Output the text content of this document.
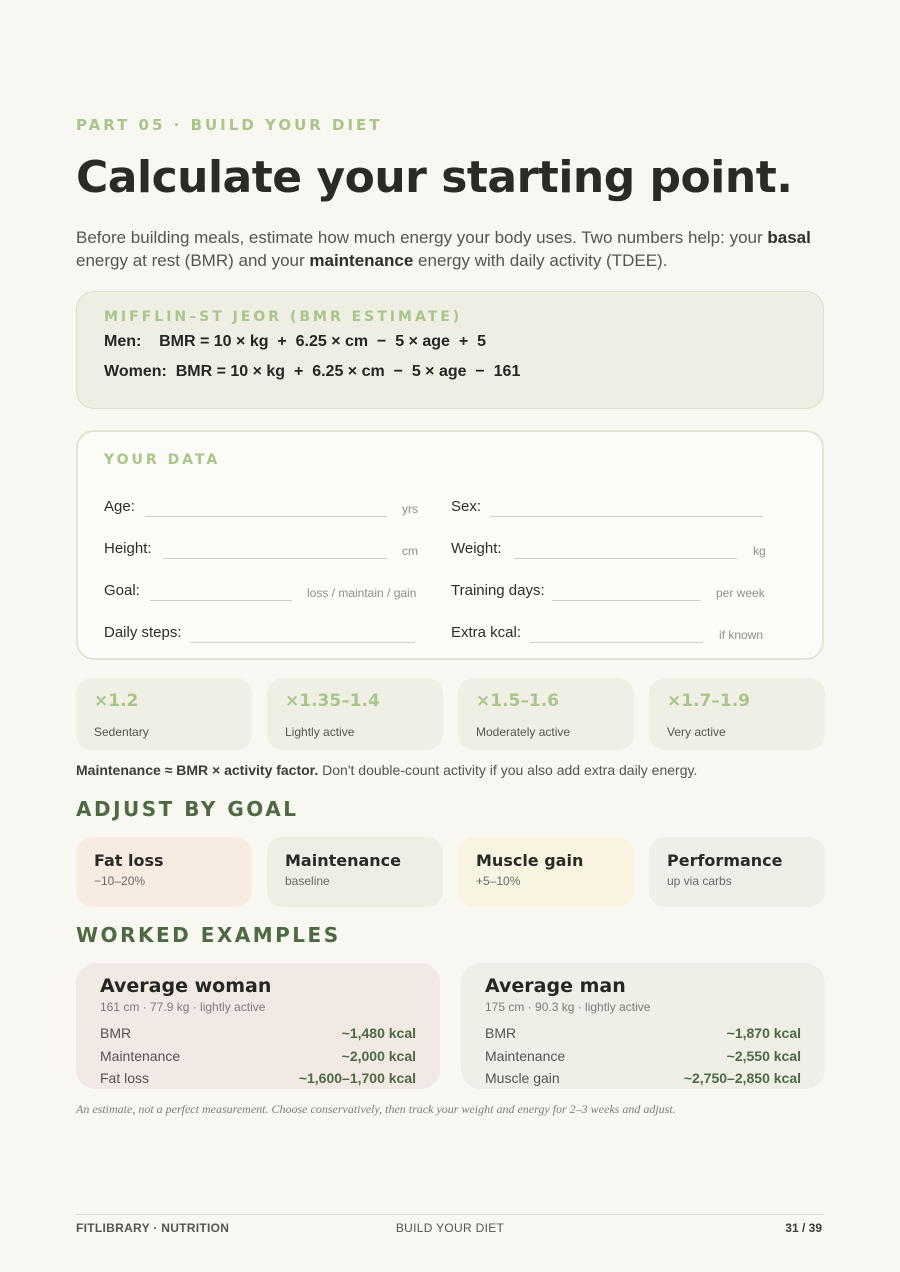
PART 05 · BUILD YOUR DIET
Calculate your starting point.

Before building meals, estimate how much energy your body uses. Two numbers help: your basal energy at rest (BMR) and your maintenance energy with daily activity (TDEE).

MIFFLIN–ST JEOR (BMR ESTIMATE)
Men:    BMR = 10 × kg  +  6.25 × cm  −  5 × age  +  5
Women:  BMR = 10 × kg  +  6.25 × cm  −  5 × age  −  161
YOUR DATA
Age:	yrs Sex:
Height:	cm Weight:	kg
Goal:	loss / maintain / gain Training days:	per week
Daily steps:	Extra kcal:	if known
×1.2
Sedentary
×1.35–1.4
Lightly active
×1.5–1.6
Moderately active
×1.7–1.9
Very active

Maintenance ≈ BMR × activity factor. Don't double-count activity if you also add extra daily energy.

ADJUST BY GOAL
Fat loss
−10–20%
Maintenance
baseline
Muscle gain
+5–10%
Performance
up via carbs
WORKED EXAMPLES
Average woman
161 cm · 77.9 kg · lightly active
BMR	~1,480 kcal
Maintenance	~2,000 kcal
Fat loss	~1,600–1,700 kcal
Average man
175 cm · 90.3 kg · lightly active
BMR	~1,870 kcal
Maintenance	~2,550 kcal
Muscle gain	~2,750–2,850 kcal

An estimate, not a perfect measurement. Choose conservatively, then track your weight and energy for 2–3 weeks and adjust.

FITLIBRARY · NUTRITION	BUILD YOUR DIET	31 / 39
